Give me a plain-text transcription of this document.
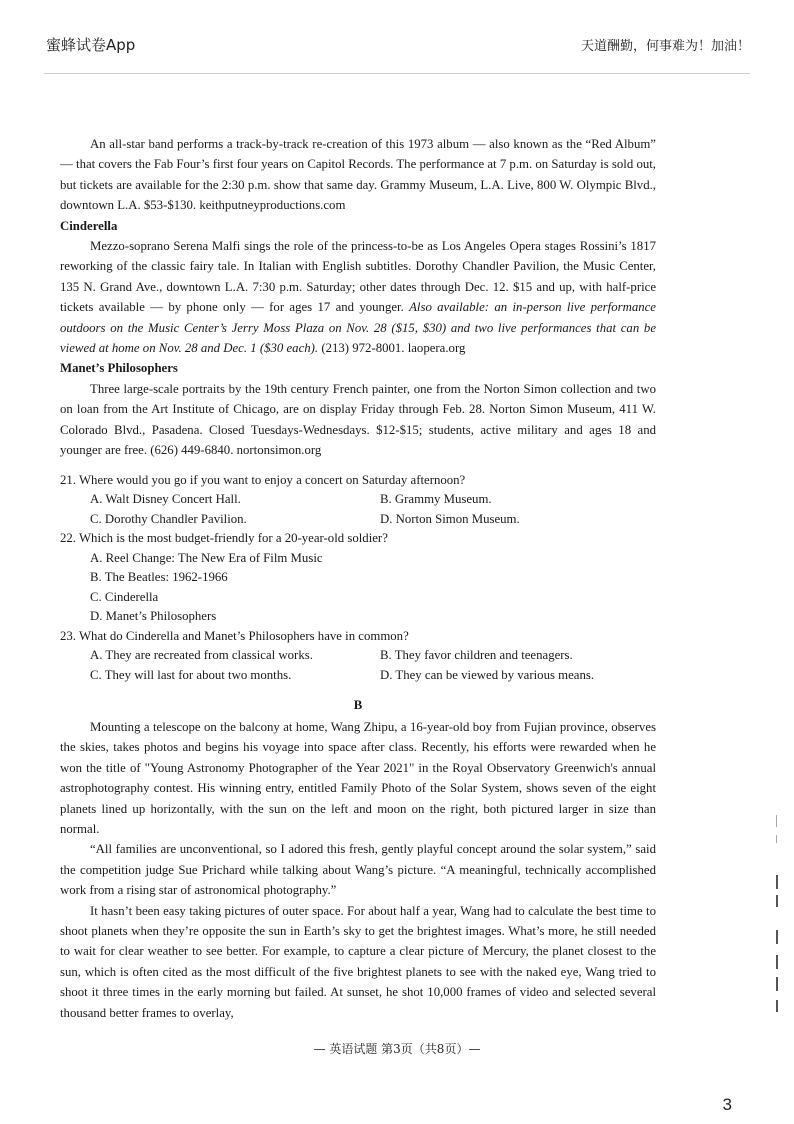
蜜蜂试卷App	天道酬勤，何事难为！加油！

An all-star band performs a track-by-track re-creation of this 1973 album — also known as the “Red Album” — that covers the Fab Four’s first four years on Capitol Records. The performance at 7 p.m. on Saturday is sold out, but tickets are available for the 2:30 p.m. show that same day. Grammy Museum, L.A. Live, 800 W. Olympic Blvd., downtown L.A. $53-$130. keithputneyproductions.com

Cinderella

Mezzo-soprano Serena Malfi sings the role of the princess-to-be as Los Angeles Opera stages Rossini’s 1817 reworking of the classic fairy tale. In Italian with English subtitles. Dorothy Chandler Pavilion, the Music Center, 135 N. Grand Ave., downtown L.A. 7:30 p.m. Saturday; other dates through Dec. 12. $15 and up, with half-price tickets available — by phone only — for ages 17 and younger. Also available: an in-person live performance outdoors on the Music Center’s Jerry Moss Plaza on Nov. 28 ($15, $30) and two live performances that can be viewed at home on Nov. 28 and Dec. 1 ($30 each). (213) 972-8001. laopera.org

Manet’s Philosophers

Three large-scale portraits by the 19th century French painter, one from the Norton Simon collection and two on loan from the Art Institute of Chicago, are on display Friday through Feb. 28. Norton Simon Museum, 411 W. Colorado Blvd., Pasadena. Closed Tuesdays-Wednesdays. $12-$15; students, active military and ages 18 and younger are free. (626) 449-6840. nortonsimon.org

21. Where would you go if you want to enjoy a concert on Saturday afternoon?

A. Walt Disney Concert Hall.	B. Grammy Museum.

C. Dorothy Chandler Pavilion.	D. Norton Simon Museum.

22. Which is the most budget-friendly for a 20-year-old soldier?

A. Reel Change: The New Era of Film Music

B. The Beatles: 1962-1966

C. Cinderella

D. Manet’s Philosophers

23. What do Cinderella and Manet’s Philosophers have in common?

A. They are recreated from classical works.	B. They favor children and teenagers.

C. They will last for about two months.	D. They can be viewed by various means.

B

Mounting a telescope on the balcony at home, Wang Zhipu, a 16-year-old boy from Fujian province, observes the skies, takes photos and begins his voyage into space after class. Recently, his efforts were rewarded when he won the title of "Young Astronomy Photographer of the Year 2021" in the Royal Observatory Greenwich's annual astrophotography contest. His winning entry, entitled Family Photo of the Solar System, shows seven of the eight planets lined up horizontally, with the sun on the left and moon on the right, both pictured larger in size than normal.

“All families are unconventional, so I adored this fresh, gently playful concept around the solar system,” said the competition judge Sue Prichard while talking about Wang’s picture. “A meaningful, technically accomplished work from a rising star of astronomical photography.”

It hasn’t been easy taking pictures of outer space. For about half a year, Wang had to calculate the best time to shoot planets when they’re opposite the sun in Earth’s sky to get the brightest images. What’s more, he still needed to wait for clear weather to see better. For example, to capture a clear picture of Mercury, the planet closest to the sun, which is often cited as the most difficult of the five brightest planets to see with the naked eye, Wang tried to shoot it three times in the early morning but failed. At sunset, he shot 10,000 frames of video and selected several thousand better frames to overlay,

— 英语试题 第3页（共8页）—
3
